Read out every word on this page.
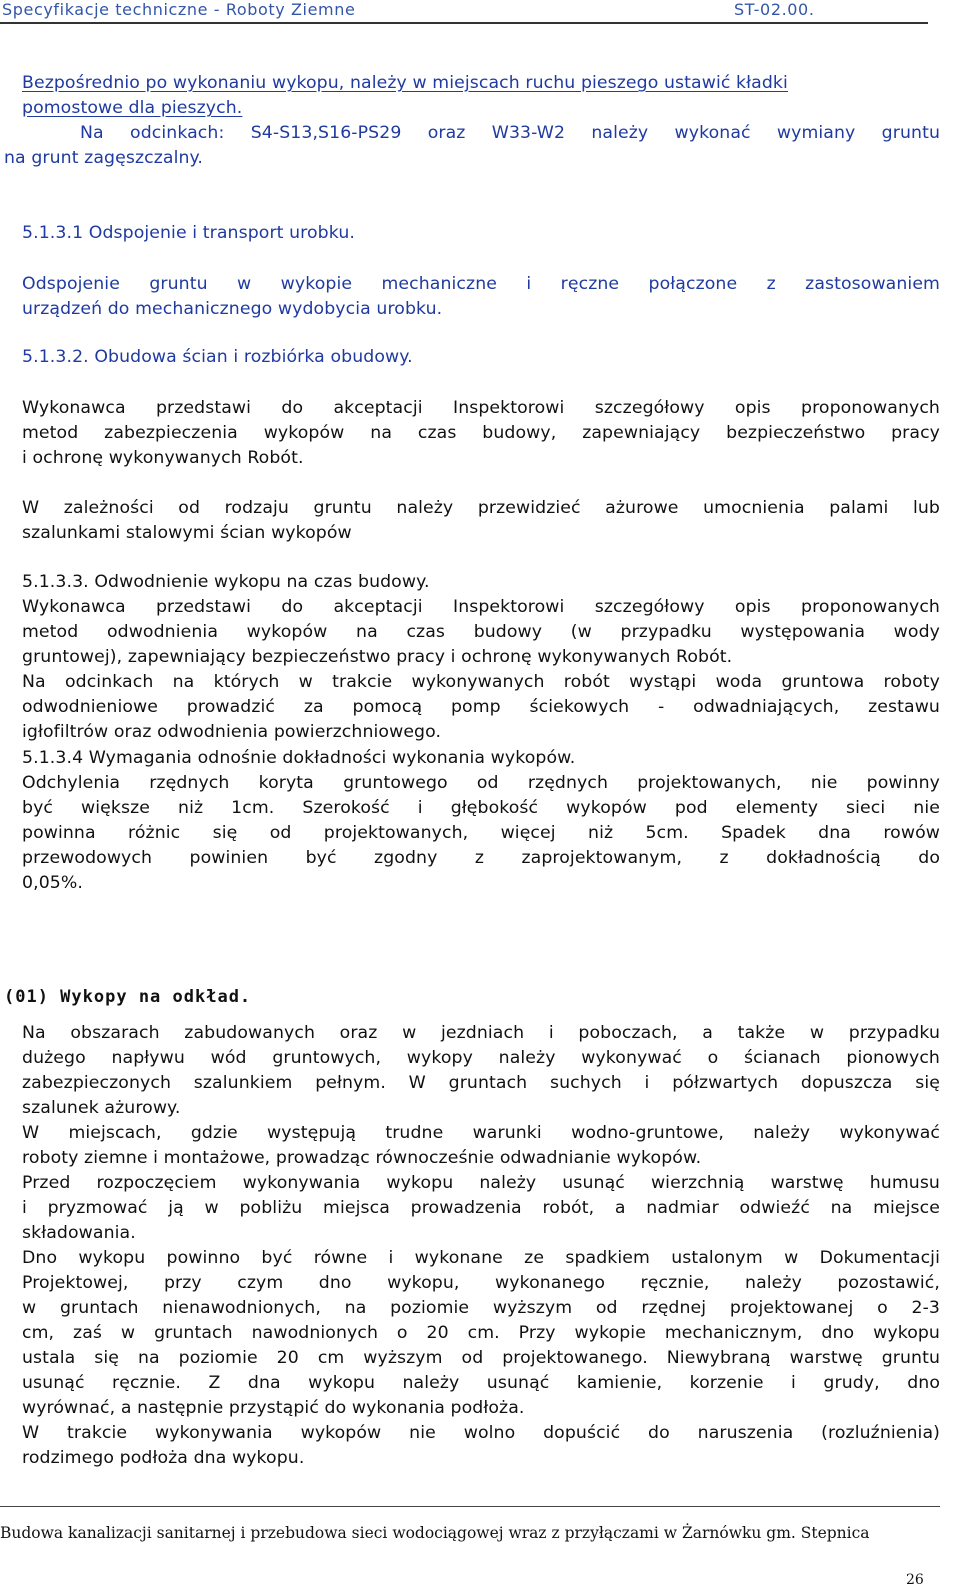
Specyfikacje techniczne - Roboty Ziemne	ST-02.00.
Bezpośrednio po wykonaniu wykopu, należy w miejscach ruchu pieszego ustawić kładki
pomostowe dla pieszych.
Na odcinkach: S4-S13,S16-PS29 oraz W33-W2 należy wykonać wymiany gruntu
na grunt zagęszczalny.
5.1.3.1 Odspojenie i transport urobku.
Odspojenie gruntu w wykopie mechaniczne i ręczne połączone z zastosowaniem
urządzeń do mechanicznego wydobycia urobku.
5.1.3.2. Obudowa ścian i rozbiórka obudowy.
Wykonawca przedstawi do akceptacji Inspektorowi szczegółowy opis proponowanych
metod zabezpieczenia wykopów na czas budowy, zapewniający bezpieczeństwo pracy
i ochronę wykonywanych Robót.
W zależności od rodzaju gruntu należy przewidzieć ażurowe umocnienia palami lub
szalunkami stalowymi ścian wykopów
5.1.3.3. Odwodnienie wykopu na czas budowy.
Wykonawca przedstawi do akceptacji Inspektorowi szczegółowy opis proponowanych
metod odwodnienia wykopów na czas budowy (w przypadku występowania wody
gruntowej), zapewniający bezpieczeństwo pracy i ochronę wykonywanych Robót.
Na odcinkach na których w trakcie wykonywanych robót wystąpi woda gruntowa roboty
odwodnieniowe prowadzić za pomocą pomp ściekowych - odwadniających, zestawu
igłofiltrów oraz odwodnienia powierzchniowego.
5.1.3.4 Wymagania odnośnie dokładności wykonania wykopów.
Odchylenia rzędnych koryta gruntowego od rzędnych projektowanych, nie powinny
być większe niż 1cm. Szerokość i głębokość wykopów pod elementy sieci nie
powinna różnic się od projektowanych, więcej niż 5cm. Spadek dna rowów
przewodowych powinien być zgodny z zaprojektowanym, z dokładnością do
0,05%.
(01) Wykopy na odkład.
Na obszarach zabudowanych oraz w jezdniach i poboczach, a także w przypadku
dużego napływu wód gruntowych, wykopy należy wykonywać o ścianach pionowych
zabezpieczonych szalunkiem pełnym. W gruntach suchych i półzwartych dopuszcza się
szalunek ażurowy.
W miejscach, gdzie występują trudne warunki wodno-gruntowe, należy wykonywać
roboty ziemne i montażowe, prowadząc równocześnie odwadnianie wykopów.
Przed rozpoczęciem wykonywania wykopu należy usunąć wierzchnią warstwę humusu
i pryzmować ją w pobliżu miejsca prowadzenia robót, a nadmiar odwieźć na miejsce
składowania.
Dno wykopu powinno być równe i wykonane ze spadkiem ustalonym w Dokumentacji
Projektowej, przy czym dno wykopu, wykonanego ręcznie, należy pozostawić,
w gruntach nienawodnionych, na poziomie wyższym od rzędnej projektowanej o 2-3
cm, zaś w gruntach nawodnionych o 20 cm. Przy wykopie mechanicznym, dno wykopu
ustala się na poziomie 20 cm wyższym od projektowanego. Niewybraną warstwę gruntu
usunąć ręcznie. Z dna wykopu należy usunąć kamienie, korzenie i grudy, dno
wyrównać, a następnie przystąpić do wykonania podłoża.
W trakcie wykonywania wykopów nie wolno dopuścić do naruszenia (rozluźnienia)
rodzimego podłoża dna wykopu.
Budowa kanalizacji sanitarnej i przebudowa sieci wodociągowej wraz z przyłączami w Żarnówku gm. Stepnica
26
